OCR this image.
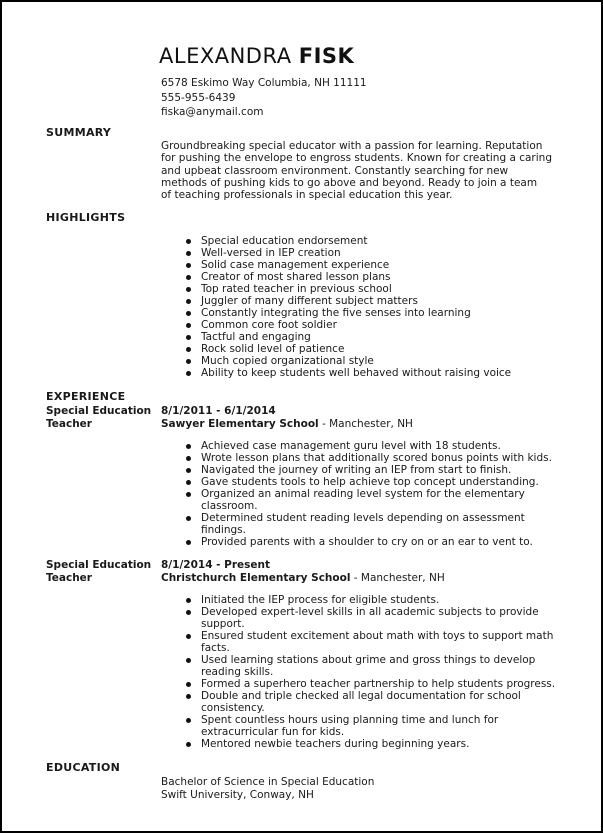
ALEXANDRA FISK
6578 Eskimo Way Columbia, NH 11111
555-955-6439
fiska@anymail.com
SUMMARY
Groundbreaking special educator with a passion for learning. Reputation
for pushing the envelope to engross students. Known for creating a caring
and upbeat classroom environment. Constantly searching for new
methods of pushing kids to go above and beyond. Ready to join a team
of teaching professionals in special education this year.
HIGHLIGHTS
Special education endorsement
Well-versed in IEP creation
Solid case management experience
Creator of most shared lesson plans
Top rated teacher in previous school
Juggler of many different subject matters
Constantly integrating the five senses into learning
Common core foot soldier
Tactful and engaging
Rock solid level of patience
Much copied organizational style
Ability to keep students well behaved without raising voice
EXPERIENCE
Special Education
Teacher
8/1/2011 - 6/1/2014
Sawyer Elementary School - Manchester, NH
Achieved case management guru level with 18 students.
Wrote lesson plans that additionally scored bonus points with kids.
Navigated the journey of writing an IEP from start to finish.
Gave students tools to help achieve top concept understanding.
Organized an animal reading level system for the elementary classroom.
Determined student reading levels depending on assessment findings.
Provided parents with a shoulder to cry on or an ear to vent to.
Special Education
Teacher
8/1/2014 - Present
Christchurch Elementary School - Manchester, NH
Initiated the IEP process for eligible students.
Developed expert-level skills in all academic subjects to provide support.
Ensured student excitement about math with toys to support math facts.
Used learning stations about grime and gross things to develop reading skills.
Formed a superhero teacher partnership to help students progress.
Double and triple checked all legal documentation for school consistency.
Spent countless hours using planning time and lunch for extracurricular fun for kids.
Mentored newbie teachers during beginning years.
EDUCATION
Bachelor of Science in Special Education
Swift University, Conway, NH
